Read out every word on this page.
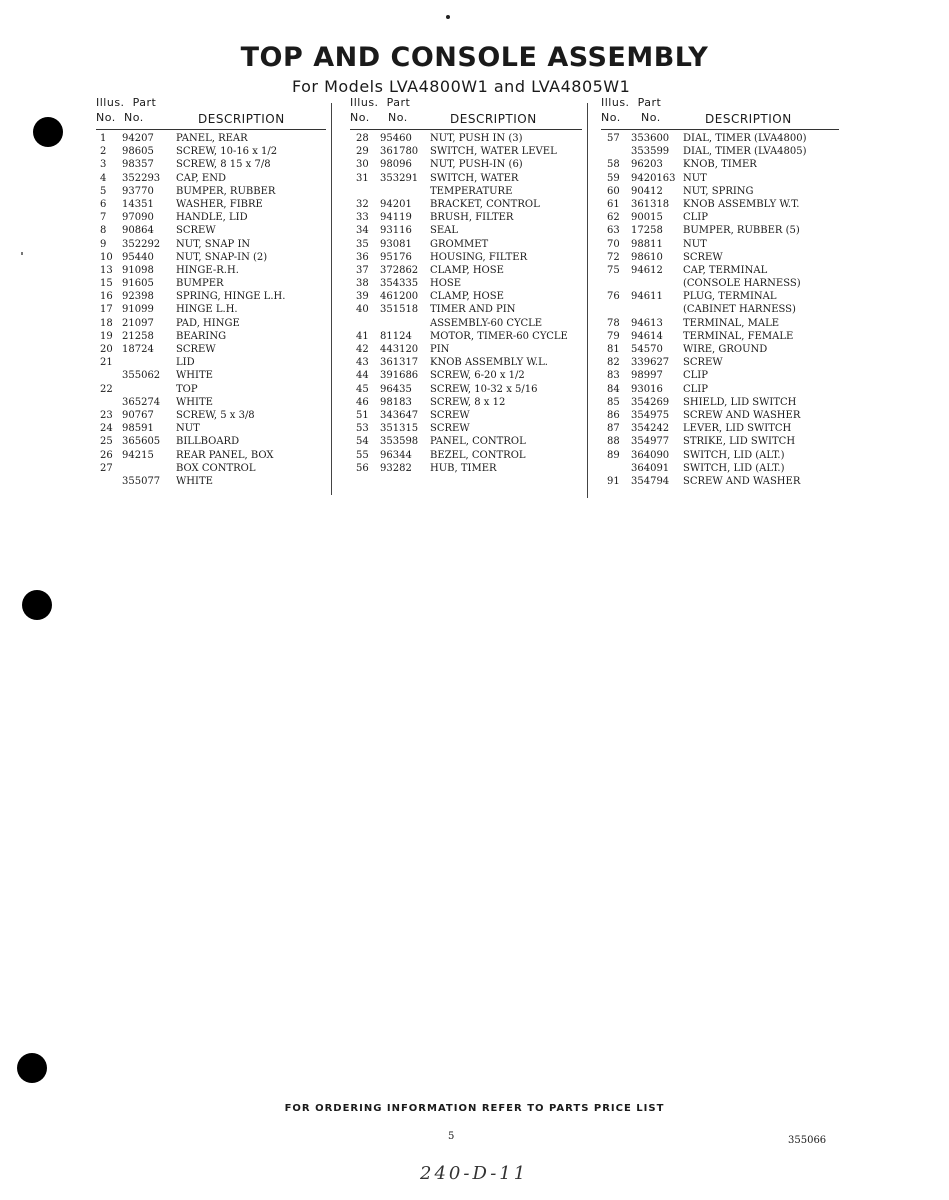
TOP AND CONSOLE ASSEMBLY
For Models LVA4800W1 and LVA4805W1
Illus. Part
No. No.	DESCRIPTION
1 94207 PANEL, REAR
2 98605 SCREW, 10-16 x 1/2
3 98357 SCREW, 8 15 x 7/8
4 352293 CAP, END
5 93770 BUMPER, RUBBER
6 14351 WASHER, FIBRE
7 97090 HANDLE, LID
8 90864 SCREW
9 352292 NUT, SNAP IN
10 95440 NUT, SNAP-IN (2)
13 91098 HINGE-R.H.
15 91605 BUMPER
16 92398 SPRING, HINGE L.H.
17 91099 HINGE L.H.
18 21097 PAD, HINGE
19 21258 BEARING
20 18724 SCREW
21	LID
355062 WHITE
22	TOP
365274 WHITE
23 90767 SCREW, 5 x 3/8
24 98591 NUT
25 365605 BILLBOARD
26 94215 REAR PANEL, BOX
27	BOX CONTROL
355077 WHITE
Illus. Part
No. No.	DESCRIPTION
28 95460 NUT, PUSH IN (3)
29 361780 SWITCH, WATER LEVEL
30 98096 NUT, PUSH-IN (6)
31 353291 SWITCH, WATER
TEMPERATURE
32 94201 BRACKET, CONTROL
33 94119 BRUSH, FILTER
34 93116 SEAL
35 93081 GROMMET
36 95176 HOUSING, FILTER
37 372862 CLAMP, HOSE
38 354335 HOSE
39 461200 CLAMP, HOSE
40 351518 TIMER AND PIN
ASSEMBLY-60 CYCLE
41 81124 MOTOR, TIMER-60 CYCLE
42 443120 PIN
43 361317 KNOB ASSEMBLY W.L.
44 391686 SCREW, 6-20 x 1/2
45 96435 SCREW, 10-32 x 5/16
46 98183 SCREW, 8 x 12
51 343647 SCREW
53 351315 SCREW
54 353598 PANEL, CONTROL
55 96344 BEZEL, CONTROL
56 93282 HUB, TIMER
Illus. Part
No. No.	DESCRIPTION
57 353600 DIAL, TIMER (LVA4800)
353599 DIAL, TIMER (LVA4805)
58 96203 KNOB, TIMER
59 9420163 NUT
60 90412 NUT, SPRING
61 361318 KNOB ASSEMBLY W.T.
62 90015 CLIP
63 17258 BUMPER, RUBBER (5)
70 98811 NUT
72 98610 SCREW
75 94612 CAP, TERMINAL
(CONSOLE HARNESS)
76 94611 PLUG, TERMINAL
(CABINET HARNESS)
78 94613 TERMINAL, MALE
79 94614 TERMINAL, FEMALE
81 54570 WIRE, GROUND
82 339627 SCREW
83 98997 CLIP
84 93016 CLIP
85 354269 SHIELD, LID SWITCH
86 354975 SCREW AND WASHER
87 354242 LEVER, LID SWITCH
88 354977 STRIKE, LID SWITCH
89 364090 SWITCH, LID (ALT.)
364091 SWITCH, LID (ALT.)
91 354794 SCREW AND WASHER
FOR ORDERING INFORMATION REFER TO PARTS PRICE LIST
5	355066
240-D-11
